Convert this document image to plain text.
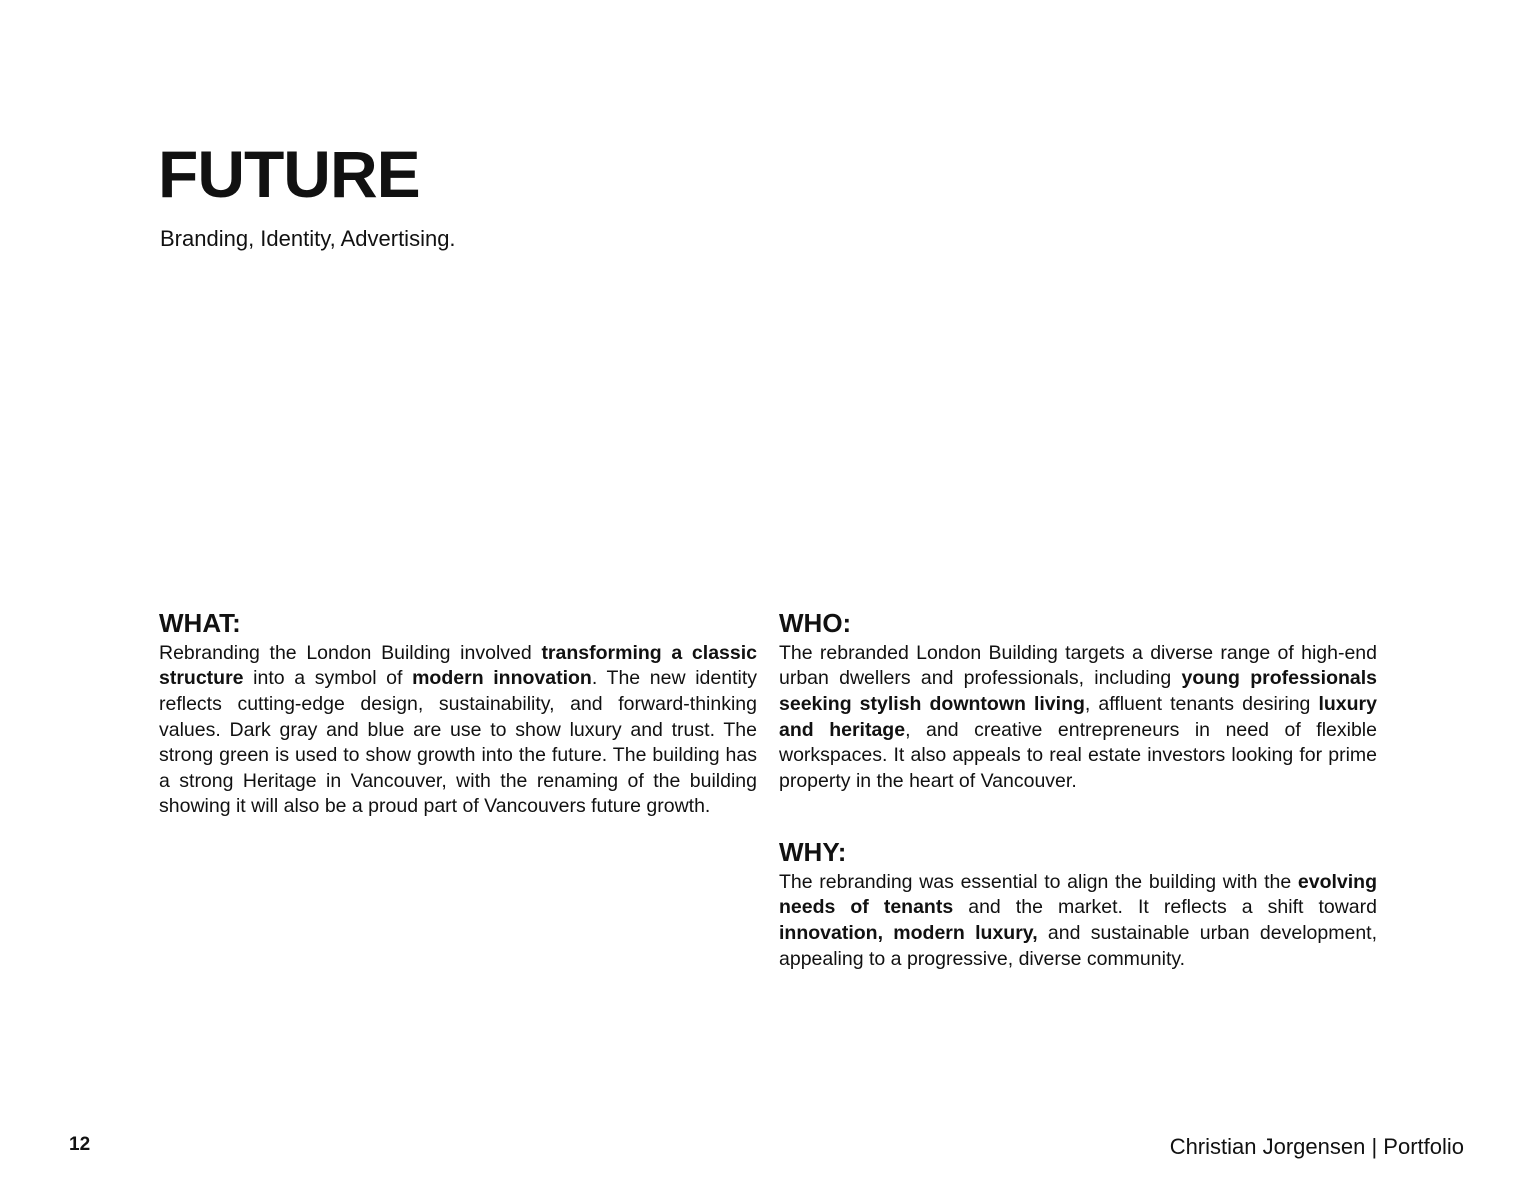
FUTURE
Branding, Identity, Advertising.
WHAT:

Rebranding the London Building involved transforming a classic structure into a symbol of modern innovation. The new identity reflects cutting-edge design, sustainability, and forward-thinking values. Dark gray and blue are use to show luxury and trust. The strong green is used to show growth into the future. The building has a strong Heritage in Vancouver, with the renaming of the building showing it will also be a proud part of Vancouvers future growth.

WHO:

The rebranded London Building targets a diverse range of high-end urban dwellers and professionals, including young professionals seeking stylish downtown living, affluent tenants desiring luxury and heritage, and creative entrepreneurs in need of flexible workspaces. It also appeals to real estate investors looking for prime property in the heart of Vancouver.

WHY:

The rebranding was essential to align the building with the evolving needs of tenants and the market. It reflects a shift toward innovation, modern luxury, and sustainable urban development, appealing to a progressive, diverse community.

12	Christian Jorgensen | Portfolio
